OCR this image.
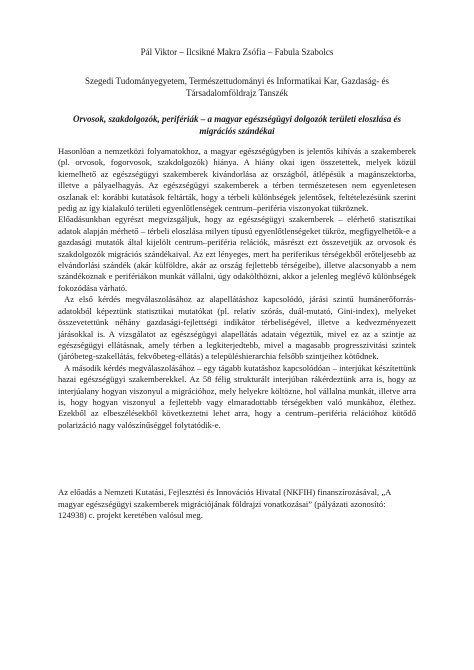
Pál Viktor – Ilcsikné Makra Zsófia – Fabula Szabolcs
Szegedi Tudományegyetem, Természettudományi és Informatikai Kar, Gazdaság- és Társadalomföldrajz Tanszék
Orvosok, szakdolgozók, perifériák – a magyar egészségügyi dolgozók területi eloszlása és migrációs szándékai

Hasonlóan a nemzetközi folyamatokhoz, a magyar egészségügyben is jelentős kihívás a szakemberek (pl. orvosok, fogorvosok, szakdolgozók) hiánya. A hiány okai igen összetettek, melyek közül kiemelhető az egészségügyi szakemberek kivándorlása az országból, átlépésük a magánszektorba, illetve a pályaelhagyás. Az egészségügyi szakemberek a térben természetesen nem egyenletesen oszlanak el: korábbi kutatások feltárták, hogy a térbeli különbségek jelentősek, feltételezésünk szerint pedig az így kialakuló területi egyenlőtlenségek centrum–periféria viszonyokat tükröznek.

Előadásunkban egyrészt megvizsgáljuk, hogy az egészségügyi szakemberek – elérhető statisztikai adatok alapján mérhető – térbeli eloszlása milyen típusú egyenlőtlenségeket tükröz, megfigyelhetők-e a gazdasági mutatók által kijelölt centrum–periféria relációk, másrészt ezt összevetjük az orvosok és szakdolgozók migrációs szándékaival. Az ezt lényeges, mert ha periferikus térségekből erőteljesebb az elvándorlási szándék (akár külföldre, akár az ország fejlettebb térségeibe), illetve alacsonyabb a nem szándékoznak e perifériákon munkát vállalni, úgy odakölthözni, akkor a jelenleg meglévő különbségek fokozódása várható.

Az első kérdés megválaszolásához az alapellátáshoz kapcsolódó, járási szintű humánerőforrás-adatokból képeztünk statisztikai mutatókat (pl. relatív szórás, duál-mutató, Gini-index), melyeket összevetettünk néhány gazdasági-fejlettségi indikátor térbeliségével, illetve a kedvezményezett járásokkal is. A vizsgálatot az egészségügyi alapellátás adatain végeztük, mivel ez az a szintje az egészségügyi ellátásnak, amely térben a legkiterjedtebb, mivel a magasabb progresszivitási szintek (járóbeteg-szakellátás, fekvőbeteg-ellátás) a településhierarchia felsőbb szintjeihez kötődnek.

A második kérdés megválaszolásához – egy tágabb kutatáshoz kapcsolódóan – interjúkat készítettünk hazai egészségügyi szakemberekkel. Az 58 félig strukturált interjúban rákérdeztünk arra is, hogy az interjúalany hogyan viszonyul a migrációhoz, mely helyekre költözne, hol vállalna munkát, illetve arra is, hogy hogyan viszonyul a fejlettebb vagy elmaradottabb térségekben való munkához, élethez. Ezekből az elbeszélésekből következtetni lehet arra, hogy a centrum–periféria relációhoz kötődő polarizáció nagy valószínűséggel folytatódik-e.

Az előadás a Nemzeti Kutatási, Fejlesztési és Innovációs Hivatal (NKFIH) finanszírozásával, „A magyar egészségügyi szakemberek migrációjának földrajzi vonatkozásai” (pályázati azonosító: 124938) c. projekt keretében valósul meg.
